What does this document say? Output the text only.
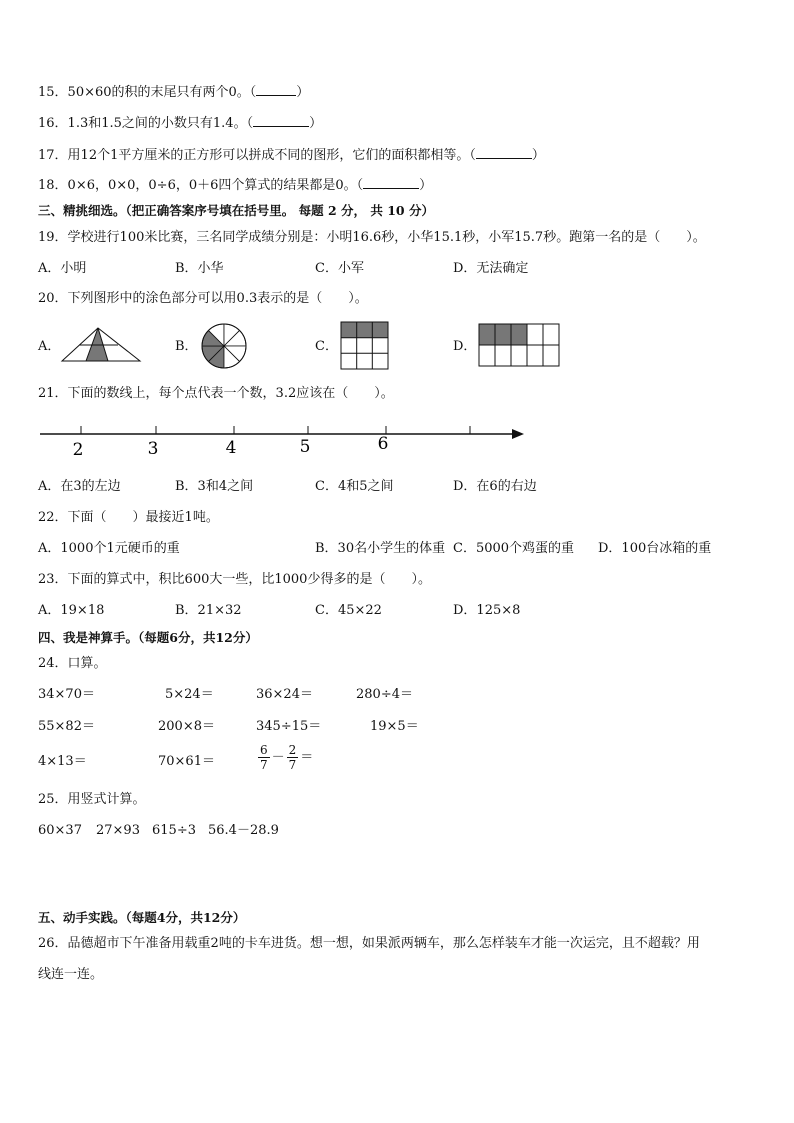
15．50×60的积的末尾只有两个0。（	）
16．1.3和1.5之间的小数只有1.4。（	）
17．用12个1平方厘米的正方形可以拼成不同的图形，它们的面积都相等。（	）
18．0×6，0×0，0÷6，0＋6四个算式的结果都是0。（	）
三、精挑细选。（把正确答案序号填在括号里。 每题 2 分， 共 10 分）
19．学校进行100米比赛，三名同学成绩分别是：小明16.6秒，小华15.1秒，小军15.7秒。跑第一名的是（　　）。
A．小明	B．小华	C．小军	D．无法确定
20．下列图形中的涂色部分可以用0.3表示的是（　　）。
A．	B．	C．	D．
21．下面的数线上，每个点代表一个数，3.2应该在（　　）。
2	3	4	5	6
A．在3的左边	B．3和4之间	C．4和5之间	D．在6的右边
22．下面（　　）最接近1吨。
A．1000个1元硬币的重	B．30名小学生的体重 C．5000个鸡蛋的重 D．100台冰箱的重
23．下面的算式中，积比600大一些，比1000少得多的是（　　）。
A．19×18	B．21×32	C．45×22	D．125×8
四、我是神算手。（每题6分，共12分）
24．口算。
34×70＝	5×24＝	36×24＝	280÷4＝
55×82＝	200×8＝	345÷15＝	19×5＝
4×13＝	70×61＝	$\frac{6}{7} - \frac{2}{7}$ ＝
25．用竖式计算。
60×37 27×93 615÷3 56.4－28.9
五、动手实践。（每题4分，共12分）
26．品德超市下午准备用载重2吨的卡车进货。想一想，如果派两辆车，那么怎样装车才能一次运完，且不超载？用
线连一连。
